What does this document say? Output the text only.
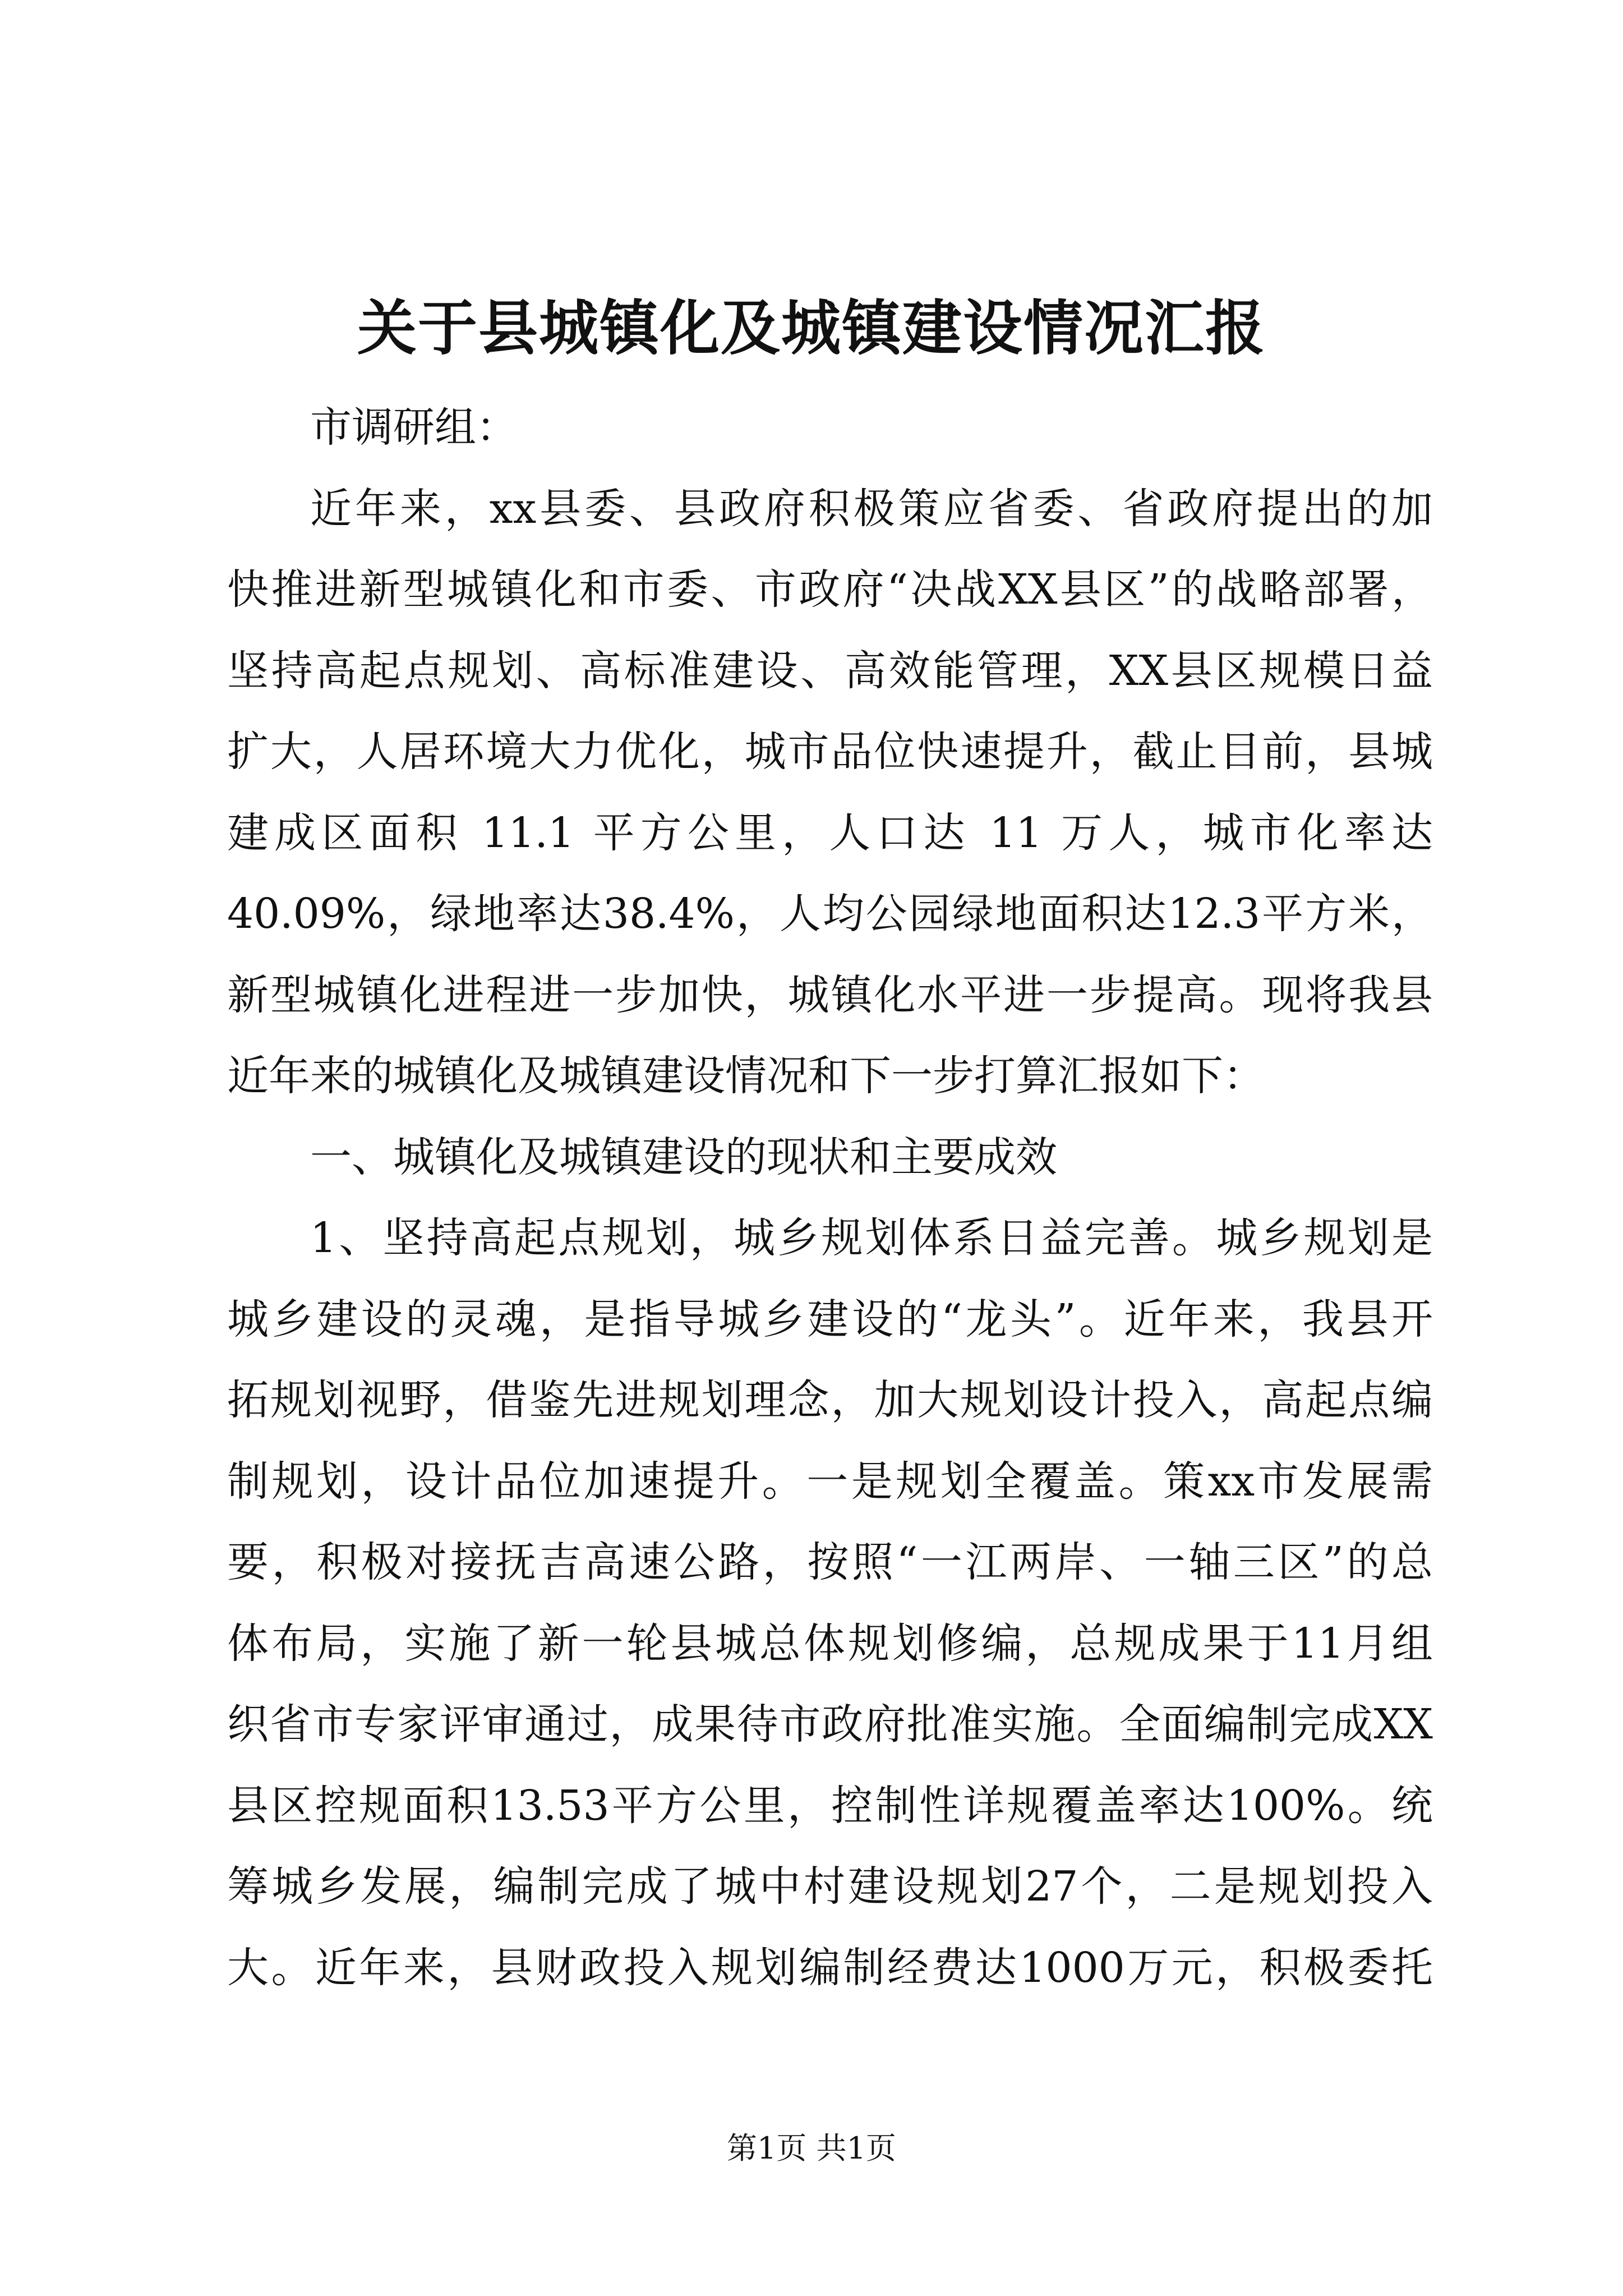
关于县城镇化及城镇建设情况汇报
市调研组：
近年来，xx县委、县政府积极策应省委、省政府提出的加
快推进新型城镇化和市委、市政府“决战XX县区”的战略部署，
坚持高起点规划、高标准建设、高效能管理，XX县区规模日益
扩大，人居环境大力优化，城市品位快速提升，截止目前，县城
建成区面积 11.1 平方公里，人口达 11 万人，城市化率达
40.09%，绿地率达38.4%，人均公园绿地面积达12.3平方米，
新型城镇化进程进一步加快，城镇化水平进一步提高。现将我县
近年来的城镇化及城镇建设情况和下一步打算汇报如下：
一、城镇化及城镇建设的现状和主要成效
1、坚持高起点规划，城乡规划体系日益完善。城乡规划是
城乡建设的灵魂，是指导城乡建设的“龙头”。近年来，我县开
拓规划视野，借鉴先进规划理念，加大规划设计投入，高起点编
制规划，设计品位加速提升。一是规划全覆盖。策xx市发展需
要，积极对接抚吉高速公路，按照“一江两岸、一轴三区”的总
体布局，实施了新一轮县城总体规划修编，总规成果于11月组
织省市专家评审通过，成果待市政府批准实施。全面编制完成XX
县区控规面积13.53平方公里，控制性详规覆盖率达100%。统
筹城乡发展，编制完成了城中村建设规划27个，二是规划投入
大。近年来，县财政投入规划编制经费达1000万元，积极委托
第1页 共1页
